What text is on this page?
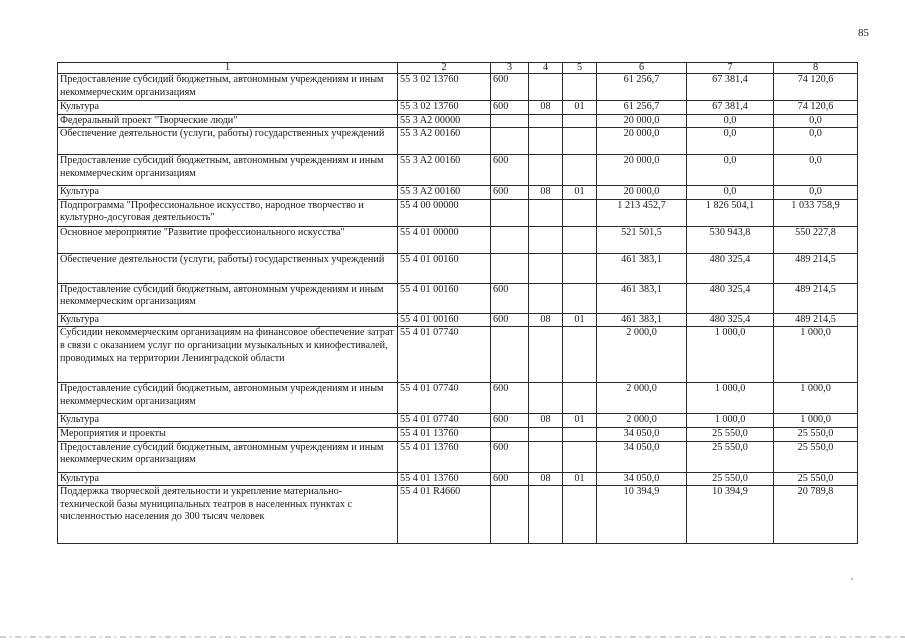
85
1	2	3	4	5	6	7	8
Предоставление субсидий бюджетным, автономным учреждениям и иным некоммерческим организациям	55 3 02 13760	600			61 256,7	67 381,4	74 120,6
Культура	55 3 02 13760	600	08	01	61 256,7	67 381,4	74 120,6
Федеральный проект "Творческие люди"	55 3 A2 00000				20 000,0	0,0	0,0
Обеспечение деятельности (услуги, работы) государственных учреждений	55 3 A2 00160				20 000,0	0,0	0,0
Предоставление субсидий бюджетным, автономным учреждениям и иным некоммерческим организациям	55 3 A2 00160	600			20 000,0	0,0	0,0
Культура	55 3 A2 00160	600	08	01	20 000,0	0,0	0,0
Подпрограмма "Профессиональное искусство, народное творчество и культурно-досуговая деятельность"	55 4 00 00000				1 213 452,7	1 826 504,1	1 033 758,9
Основное мероприятие "Развитие профессионального искусства"	55 4 01 00000				521 501,5	530 943,8	550 227,8
Обеспечение деятельности (услуги, работы) государственных учреждений	55 4 01 00160				461 383,1	480 325,4	489 214,5
Предоставление субсидий бюджетным, автономным учреждениям и иным некоммерческим организациям	55 4 01 00160	600			461 383,1	480 325,4	489 214,5
Культура	55 4 01 00160	600	08	01	461 383,1	480 325,4	489 214,5
Субсидии некоммерческим организациям на финансовое обеспечение затрат в связи с оказанием услуг по организации музыкальных и кинофестивалей, проводимых на территории Ленинградской области	55 4 01 07740				2 000,0	1 000,0	1 000,0
Предоставление субсидий бюджетным, автономным учреждениям и иным некоммерческим организациям	55 4 01 07740	600			2 000,0	1 000,0	1 000,0
Культура	55 4 01 07740	600	08	01	2 000,0	1 000,0	1 000,0
Мероприятия и проекты	55 4 01 13760				34 050,0	25 550,0	25 550,0
Предоставление субсидий бюджетным, автономным учреждениям и иным некоммерческим организациям	55 4 01 13760	600			34 050,0	25 550,0	25 550,0
Культура	55 4 01 13760	600	08	01	34 050,0	25 550,0	25 550,0
Поддержка творческой деятельности и укрепление материально-технической базы муниципальных театров в населенных пунктах с численностью населения до 300 тысяч человек	55 4 01 R4660				10 394,9	10 394,9	20 789,8
